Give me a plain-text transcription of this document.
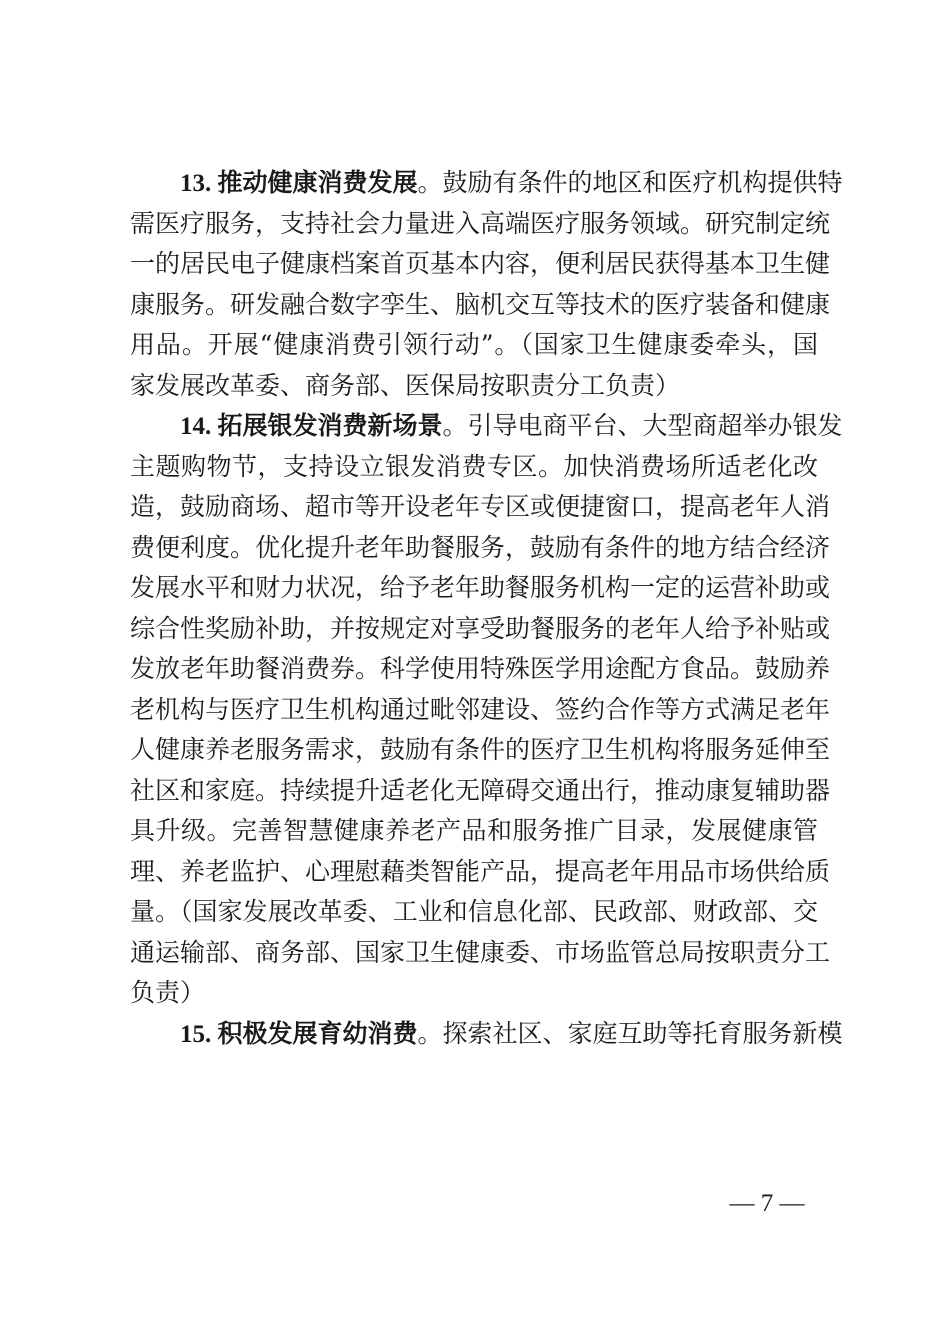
13. 推动健康消费发展。鼓励有条件的地区和医疗机构提供特
需医疗服务，支持社会力量进入高端医疗服务领域。研究制定统
一的居民电子健康档案首页基本内容，便利居民获得基本卫生健
康服务。研发融合数字孪生、脑机交互等技术的医疗装备和健康
用品。开展“健康消费引领行动”。（国家卫生健康委牵头，国
家发展改革委、商务部、医保局按职责分工负责）
14. 拓展银发消费新场景。引导电商平台、大型商超举办银发
主题购物节，支持设立银发消费专区。加快消费场所适老化改
造，鼓励商场、超市等开设老年专区或便捷窗口，提高老年人消
费便利度。优化提升老年助餐服务，鼓励有条件的地方结合经济
发展水平和财力状况，给予老年助餐服务机构一定的运营补助或
综合性奖励补助，并按规定对享受助餐服务的老年人给予补贴或
发放老年助餐消费券。科学使用特殊医学用途配方食品。鼓励养
老机构与医疗卫生机构通过毗邻建设、签约合作等方式满足老年
人健康养老服务需求，鼓励有条件的医疗卫生机构将服务延伸至
社区和家庭。持续提升适老化无障碍交通出行，推动康复辅助器
具升级。完善智慧健康养老产品和服务推广目录，发展健康管
理、养老监护、心理慰藉类智能产品，提高老年用品市场供给质
量。（国家发展改革委、工业和信息化部、民政部、财政部、交
通运输部、商务部、国家卫生健康委、市场监管总局按职责分工
负责）
15. 积极发展育幼消费。探索社区、家庭互助等托育服务新模
— 7 —
